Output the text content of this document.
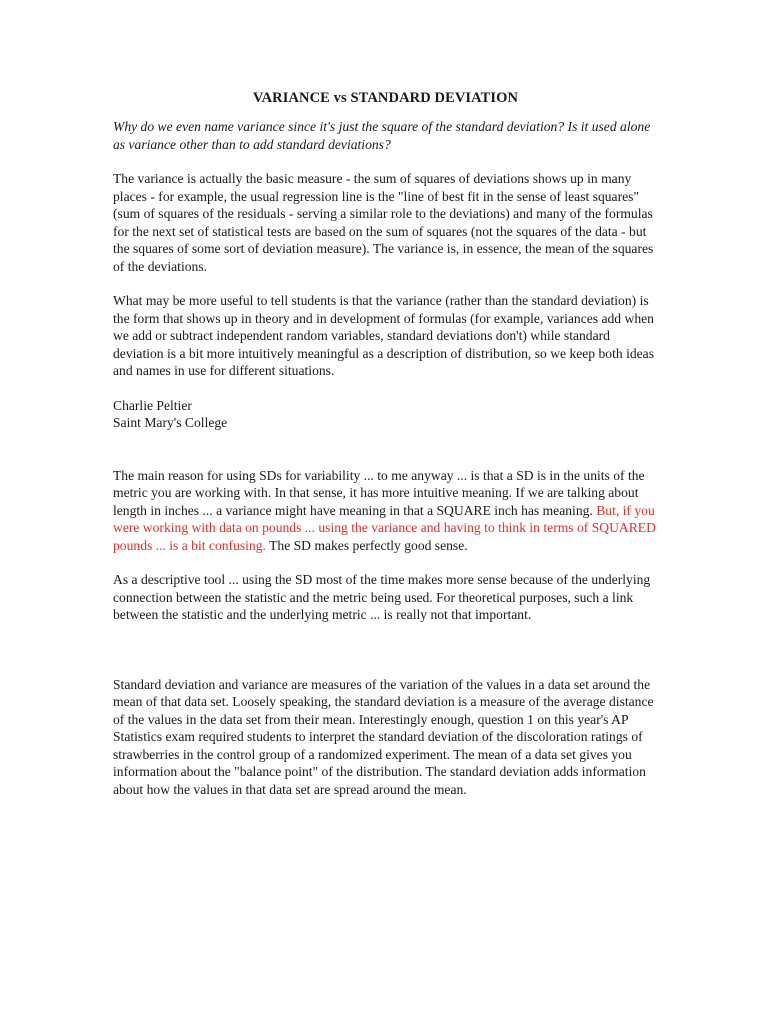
VARIANCE vs STANDARD DEVIATION

Why do we even name variance since it's just the square of the standard deviation? Is it used alone as variance other than to add standard deviations?

The variance is actually the basic measure - the sum of squares of deviations shows up in many places - for example, the usual regression line is the "line of best fit in the sense of least squares" (sum of squares of the residuals - serving a similar role to the deviations) and many of the formulas for the next set of statistical tests are based on the sum of squares (not the squares of the data - but the squares of some sort of deviation measure). The variance is, in essence, the mean of the squares of the deviations.

What may be more useful to tell students is that the variance (rather than the standard deviation) is the form that shows up in theory and in development of formulas (for example, variances add when we add or subtract independent random variables, standard deviations don't) while standard deviation is a bit more intuitively meaningful as a description of distribution, so we keep both ideas and names in use for different situations.

Charlie Peltier

Saint Mary's College

The main reason for using SDs for variability ... to me anyway ... is that a SD is in the units of the metric you are working with. In that sense, it has more intuitive meaning. If we are talking about length in inches ... a variance might have meaning in that a SQUARE inch has meaning. But, if you were working with data on pounds ... using the variance and having to think in terms of SQUARED pounds ... is a bit confusing. The SD makes perfectly good sense.

As a descriptive tool ... using the SD most of the time makes more sense because of the underlying connection between the statistic and the metric being used. For theoretical purposes, such a link between the statistic and the underlying metric ... is really not that important.

Standard deviation and variance are measures of the variation of the values in a data set around the mean of that data set. Loosely speaking, the standard deviation is a measure of the average distance of the values in the data set from their mean. Interestingly enough, question 1 on this year's AP Statistics exam required students to interpret the standard deviation of the discoloration ratings of strawberries in the control group of a randomized experiment. The mean of a data set gives you information about the "balance point" of the distribution. The standard deviation adds information about how the values in that data set are spread around the mean.
